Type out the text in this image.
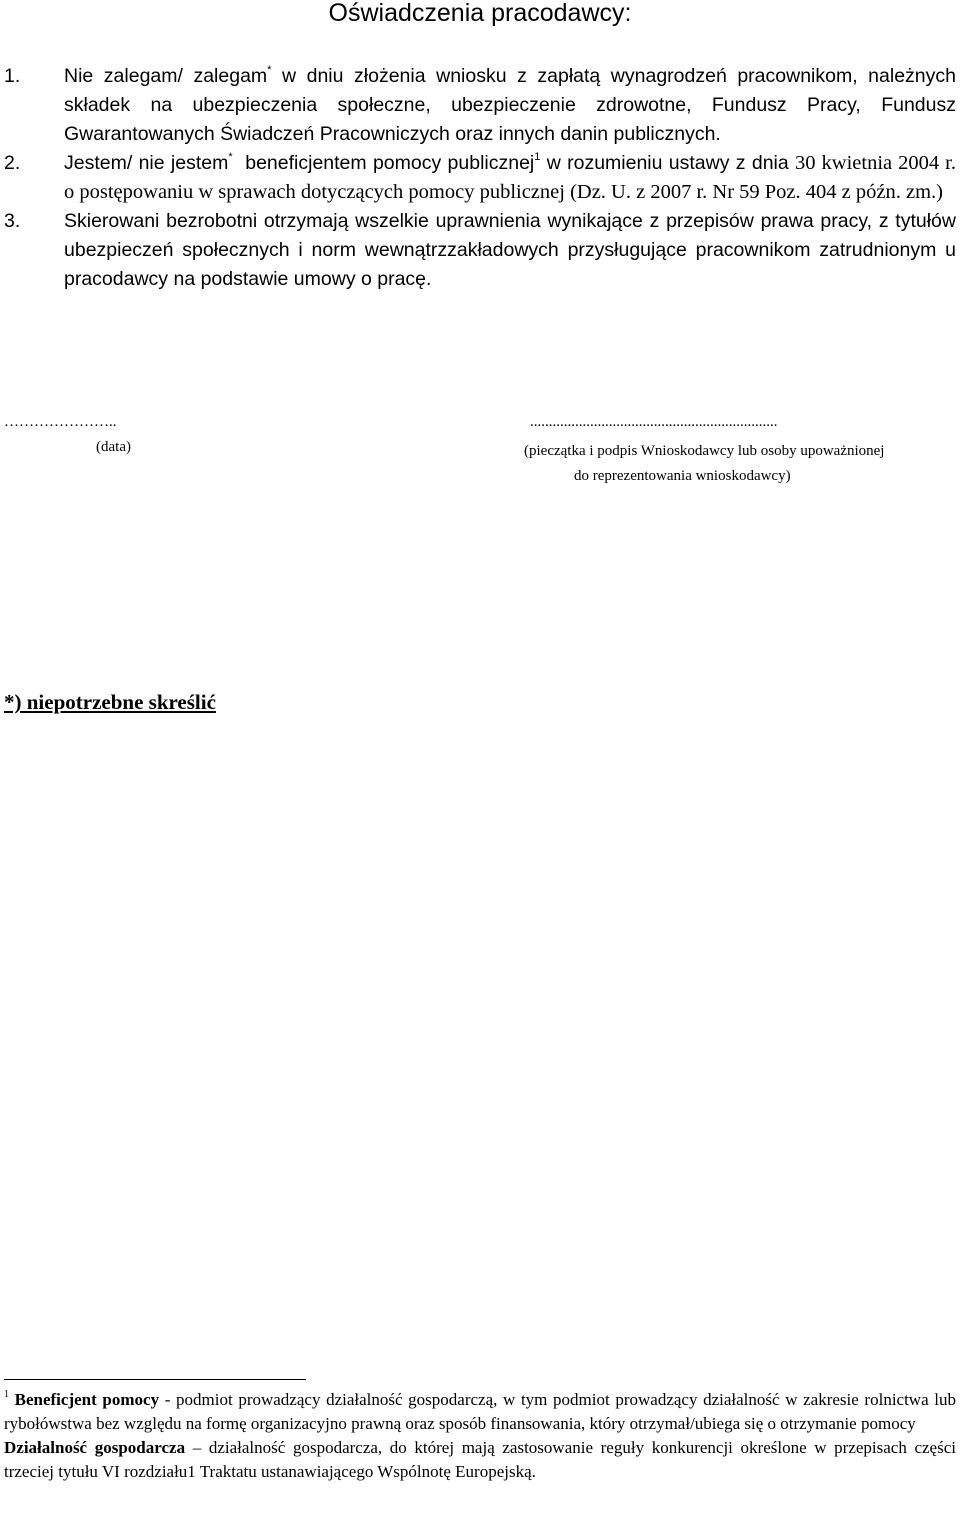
Oświadczenia pracodawcy:
1.	Nie zalegam/ zalegam* w dniu złożenia wniosku z zapłatą wynagrodzeń pracownikom, należnych składek na ubezpieczenia społeczne, ubezpieczenie zdrowotne, Fundusz Pracy, Fundusz Gwarantowanych Świadczeń Pracowniczych oraz innych danin publicznych.
2.	Jestem/ nie jestem*  beneficjentem pomocy publicznej$^1$ w rozumieniu ustawy z dnia 30 kwietnia 2004 r. o postępowaniu w sprawach dotyczących pomocy publicznej (Dz. U. z 2007 r. Nr 59 Poz. 404 z późn. zm.)
3.	Skierowani bezrobotni otrzymają wszelkie uprawnienia wynikające z przepisów prawa pracy, z tytułów ubezpieczeń społecznych i norm wewnątrzzakładowych przysługujące pracownikom zatrudnionym u pracodawcy na podstawie umowy o pracę.
…………………..
(data)
..................................................................
(pieczątka i podpis Wnioskodawcy lub osoby upoważnionej
do reprezentowania wnioskodawcy)
*) niepotrzebne skreślić

$^1$ Beneficjent pomocy - podmiot prowadzący działalność gospodarczą, w tym podmiot prowadzący działalność w zakresie rolnictwa lub rybołówstwa bez względu na formę organizacyjno prawną oraz sposób finansowania, który otrzymał/ubiega się o otrzymanie pomocy

Działalność gospodarcza – działalność gospodarcza, do której mają zastosowanie reguły konkurencji określone w przepisach części trzeciej tytułu VI rozdziału1 Traktatu ustanawiającego Wspólnotę Europejską.
